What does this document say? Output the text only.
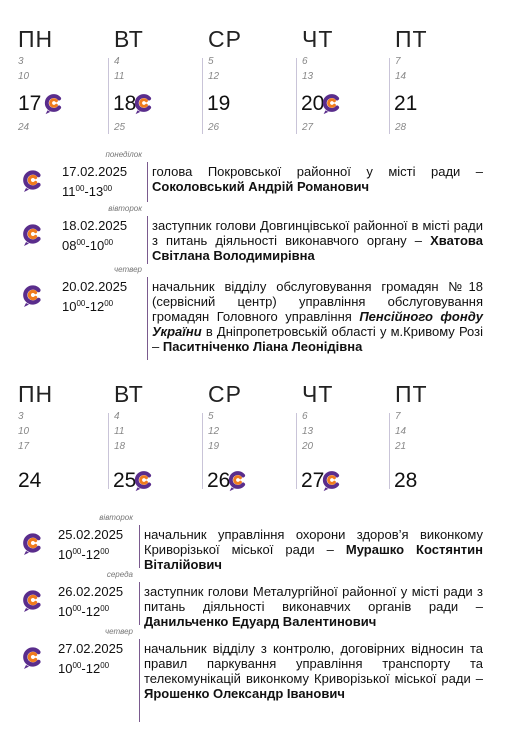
ПН
3
10
17
24
ВТ
4
11
18
25
СР
5
12
19
26
ЧТ
6
13
20
27
ПТ
7
14
21
28
понеділок
17.02.2025
$11^{00}-13^{00}$
голова Покровської районної у місті ради – Соколовський Андрій Романович
вівторок
18.02.2025
$08^{00}-10^{00}$
заступник голови Довгинцівської районної в місті ради з питань діяльності виконавчого органу – Хватова Світлана Володимирівна
четвер
20.02.2025
$10^{00}-12^{00}$
начальник відділу обслуговування громадян №18 (сервісний центр) управління обслуговування громадян Головного управління Пенсійного фонду України в Дніпропетровській області у м.Кривому Розі – Паситніченко Ліана Леонідівна
ПН
3
10
17
24
ВТ
4
11
18
25
СР
5
12
19
26
ЧТ
6
13
20
27
ПТ
7
14
21
28
вівторок
25.02.2025
$10^{00}-12^{00}$
начальник управління охорони здоров’я виконкому Криворізької міської ради – Мурашко Костянтин Віталійович
середа
26.02.2025
$10^{00}-12^{00}$
заступник голови Металургійної районної у місті ради з питань діяльності виконавчих органів ради – Данильченко Едуард Валентинович
четвер
27.02.2025
$10^{00}-12^{00}$
начальник відділу з контролю, договірних відносин та правил паркування управління транспорту та телекомунікацій виконкому Криворізької міської ради – Ярошенко Олександр Іванович
